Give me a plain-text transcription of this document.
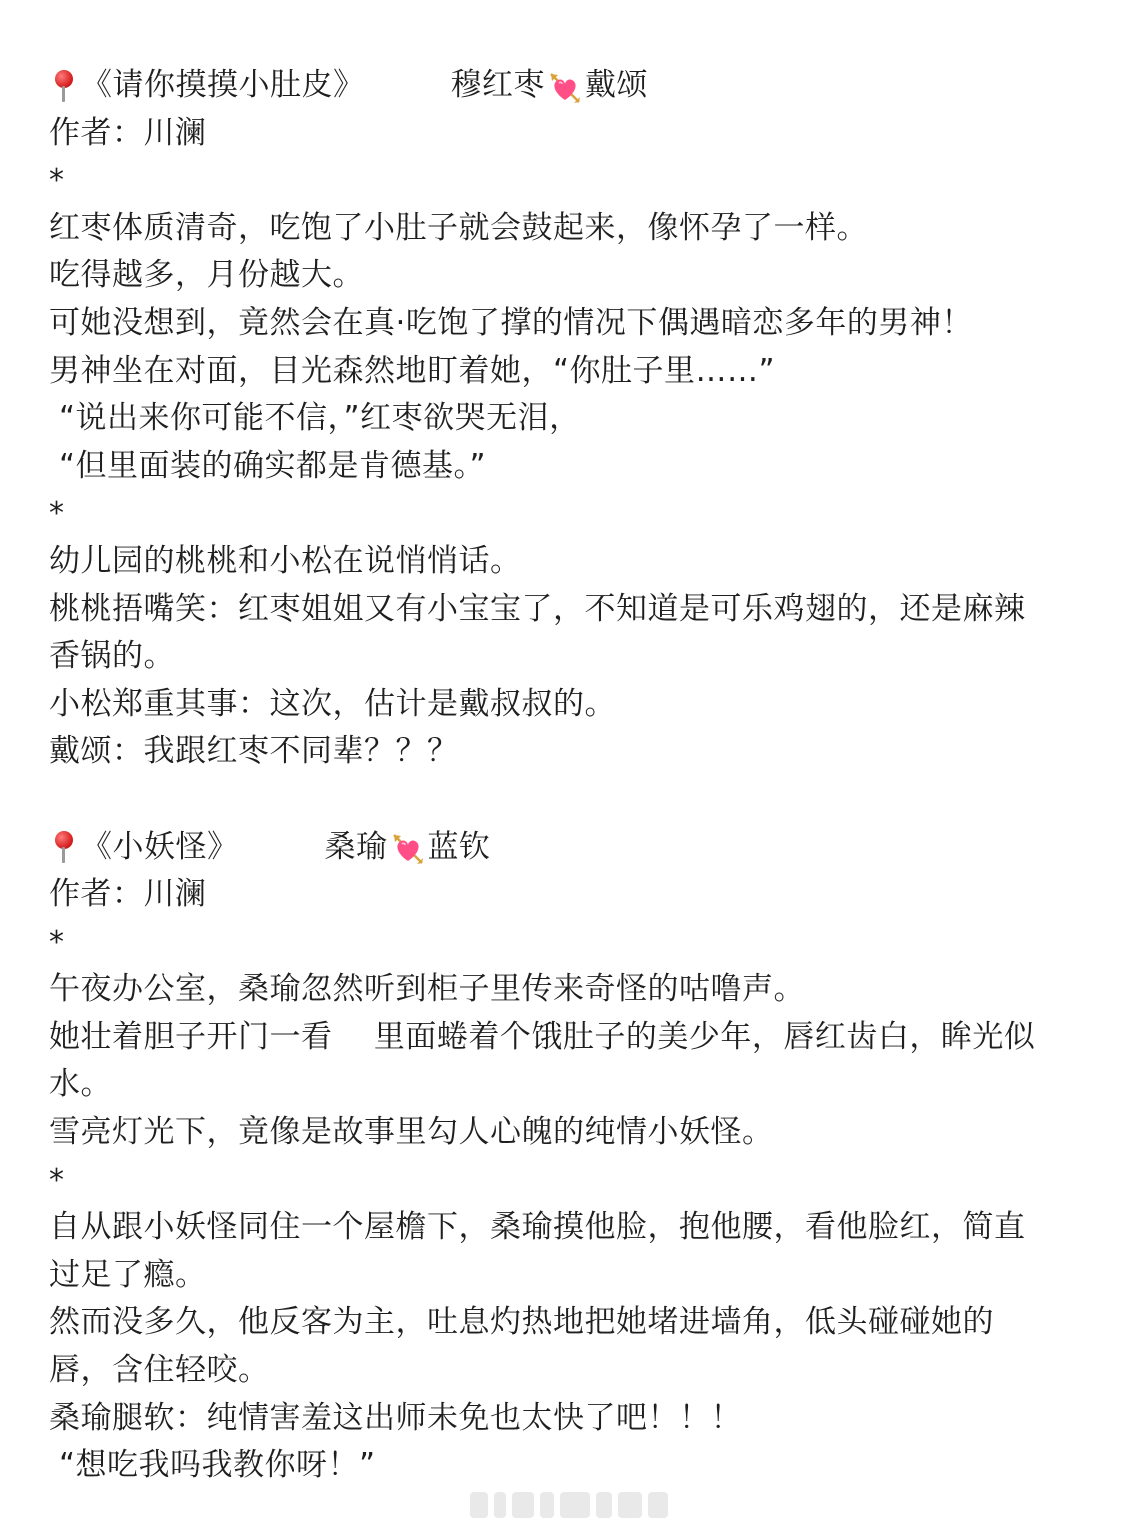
《请你摸摸小肚皮》	穆红枣 戴颂
作者：川澜
*
红枣体质清奇，吃饱了小肚子就会鼓起来，像怀孕了一样。
吃得越多，月份越大。
可她没想到，竟然会在真·吃饱了撑的情况下偶遇暗恋多年的男神！
男神坐在对面，目光森然地盯着她，“你肚子里……”
“说出来你可能不信，”红枣欲哭无泪，
“但里面装的确实都是肯德基。”
*
幼儿园的桃桃和小松在说悄悄话。
桃桃捂嘴笑：红枣姐姐又有小宝宝了，不知道是可乐鸡翅的，还是麻辣
香锅的。
小松郑重其事：这次，估计是戴叔叔的。
戴颂：我跟红枣不同辈？？？
《小妖怪》	桑瑜 蓝钦
作者：川澜
*
午夜办公室，桑瑜忽然听到柜子里传来奇怪的咕噜声。
她壮着胆子开门一看    里面蜷着个饿肚子的美少年，唇红齿白，眸光似
水。
雪亮灯光下，竟像是故事里勾人心魄的纯情小妖怪。
*
自从跟小妖怪同住一个屋檐下，桑瑜摸他脸，抱他腰，看他脸红，简直
过足了瘾。
然而没多久，他反客为主，吐息灼热地把她堵进墙角，低头碰碰她的
唇，含住轻咬。
桑瑜腿软：纯情害羞这出师未免也太快了吧！！！
“想吃我吗我教你呀！”
